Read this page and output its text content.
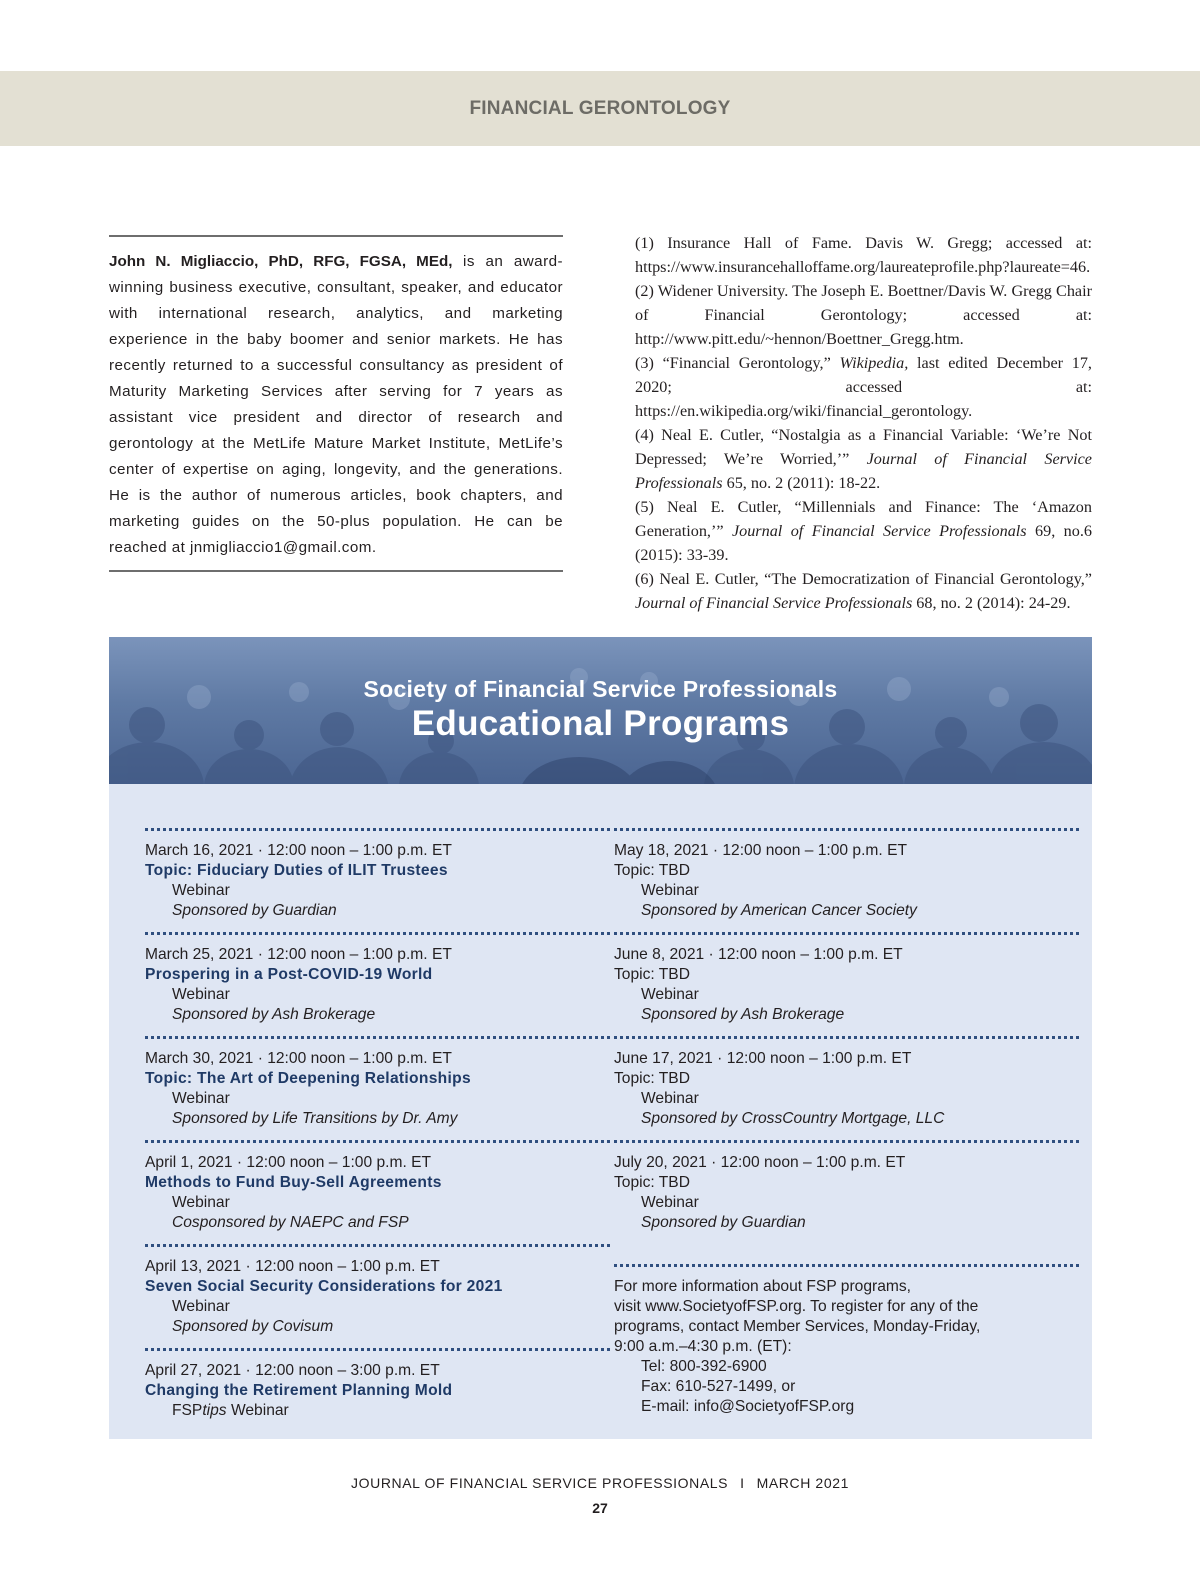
FINANCIAL GERONTOLOGY
John N. Migliaccio, PhD, RFG, FGSA, MEd, is an award-winning business executive, consultant, speaker, and educator with international research, analytics, and marketing experience in the baby boomer and senior markets. He has recently returned to a successful consultancy as president of Maturity Marketing Services after serving for 7 years as assistant vice president and director of research and gerontology at the MetLife Mature Market Institute, MetLife’s center of expertise on aging, longevity, and the generations. He is the author of numerous articles, book chapters, and marketing guides on the 50-plus population. He can be reached at jnmigliaccio1@gmail.com.

(1) Insurance Hall of Fame. Davis W. Gregg; accessed at: https://www.insurancehalloffame.org/laureateprofile.php?laureate=46.

(2) Widener University. The Joseph E. Boettner/Davis W. Gregg Chair of Financial Gerontology; accessed at: http://www.pitt.edu/~hennon/Boettner_Gregg.htm.

(3) “Financial Gerontology,” Wikipedia, last edited December 17, 2020; accessed at: https://en.wikipedia.org/wiki/financial_gerontology.

(4) Neal E. Cutler, “Nostalgia as a Financial Variable: ‘We’re Not Depressed; We’re Worried,’” Journal of Financial Service Professionals 65, no. 2 (2011): 18-22.

(5) Neal E. Cutler, “Millennials and Finance: The ‘Amazon Generation,’” Journal of Financial Service Professionals 69, no.6 (2015): 33-39.

(6) Neal E. Cutler, “The Democratization of Financial Gerontology,” Journal of Financial Service Professionals 68, no. 2 (2014): 24-29.

Society of Financial Service Professionals
Educational Programs
March 16, 2021 · 12:00 noon – 1:00 p.m. ET
Topic: Fiduciary Duties of ILIT Trustees
Webinar
Sponsored by Guardian
March 25, 2021 · 12:00 noon – 1:00 p.m. ET
Prospering in a Post-COVID-19 World
Webinar
Sponsored by Ash Brokerage
March 30, 2021 · 12:00 noon – 1:00 p.m. ET
Topic: The Art of Deepening Relationships
Webinar
Sponsored by Life Transitions by Dr. Amy
April 1, 2021 · 12:00 noon – 1:00 p.m. ET
Methods to Fund Buy-Sell Agreements
Webinar
Cosponsored by NAEPC and FSP
April 13, 2021 · 12:00 noon – 1:00 p.m. ET
Seven Social Security Considerations for 2021
Webinar
Sponsored by Covisum
April 27, 2021 · 12:00 noon – 3:00 p.m. ET
Changing the Retirement Planning Mold
FSPtips Webinar
May 18, 2021 · 12:00 noon – 1:00 p.m. ET
Topic: TBD
Webinar
Sponsored by American Cancer Society
June 8, 2021 · 12:00 noon – 1:00 p.m. ET
Topic: TBD
Webinar
Sponsored by Ash Brokerage
June 17, 2021 · 12:00 noon – 1:00 p.m. ET
Topic: TBD
Webinar
Sponsored by CrossCountry Mortgage, LLC
July 20, 2021 · 12:00 noon – 1:00 p.m. ET
Topic: TBD
Webinar
Sponsored by Guardian
For more information about FSP programs,
visit www.SocietyofFSP.org. To register for any of the
programs, contact Member Services, Monday-Friday,
9:00 a.m.–4:30 p.m. (ET):
Tel: 800-392-6900
Fax: 610-527-1499, or
E-mail: info@SocietyofFSP.org
JOURNAL OF FINANCIAL SERVICE PROFESSIONALS I MARCH 2021
27
